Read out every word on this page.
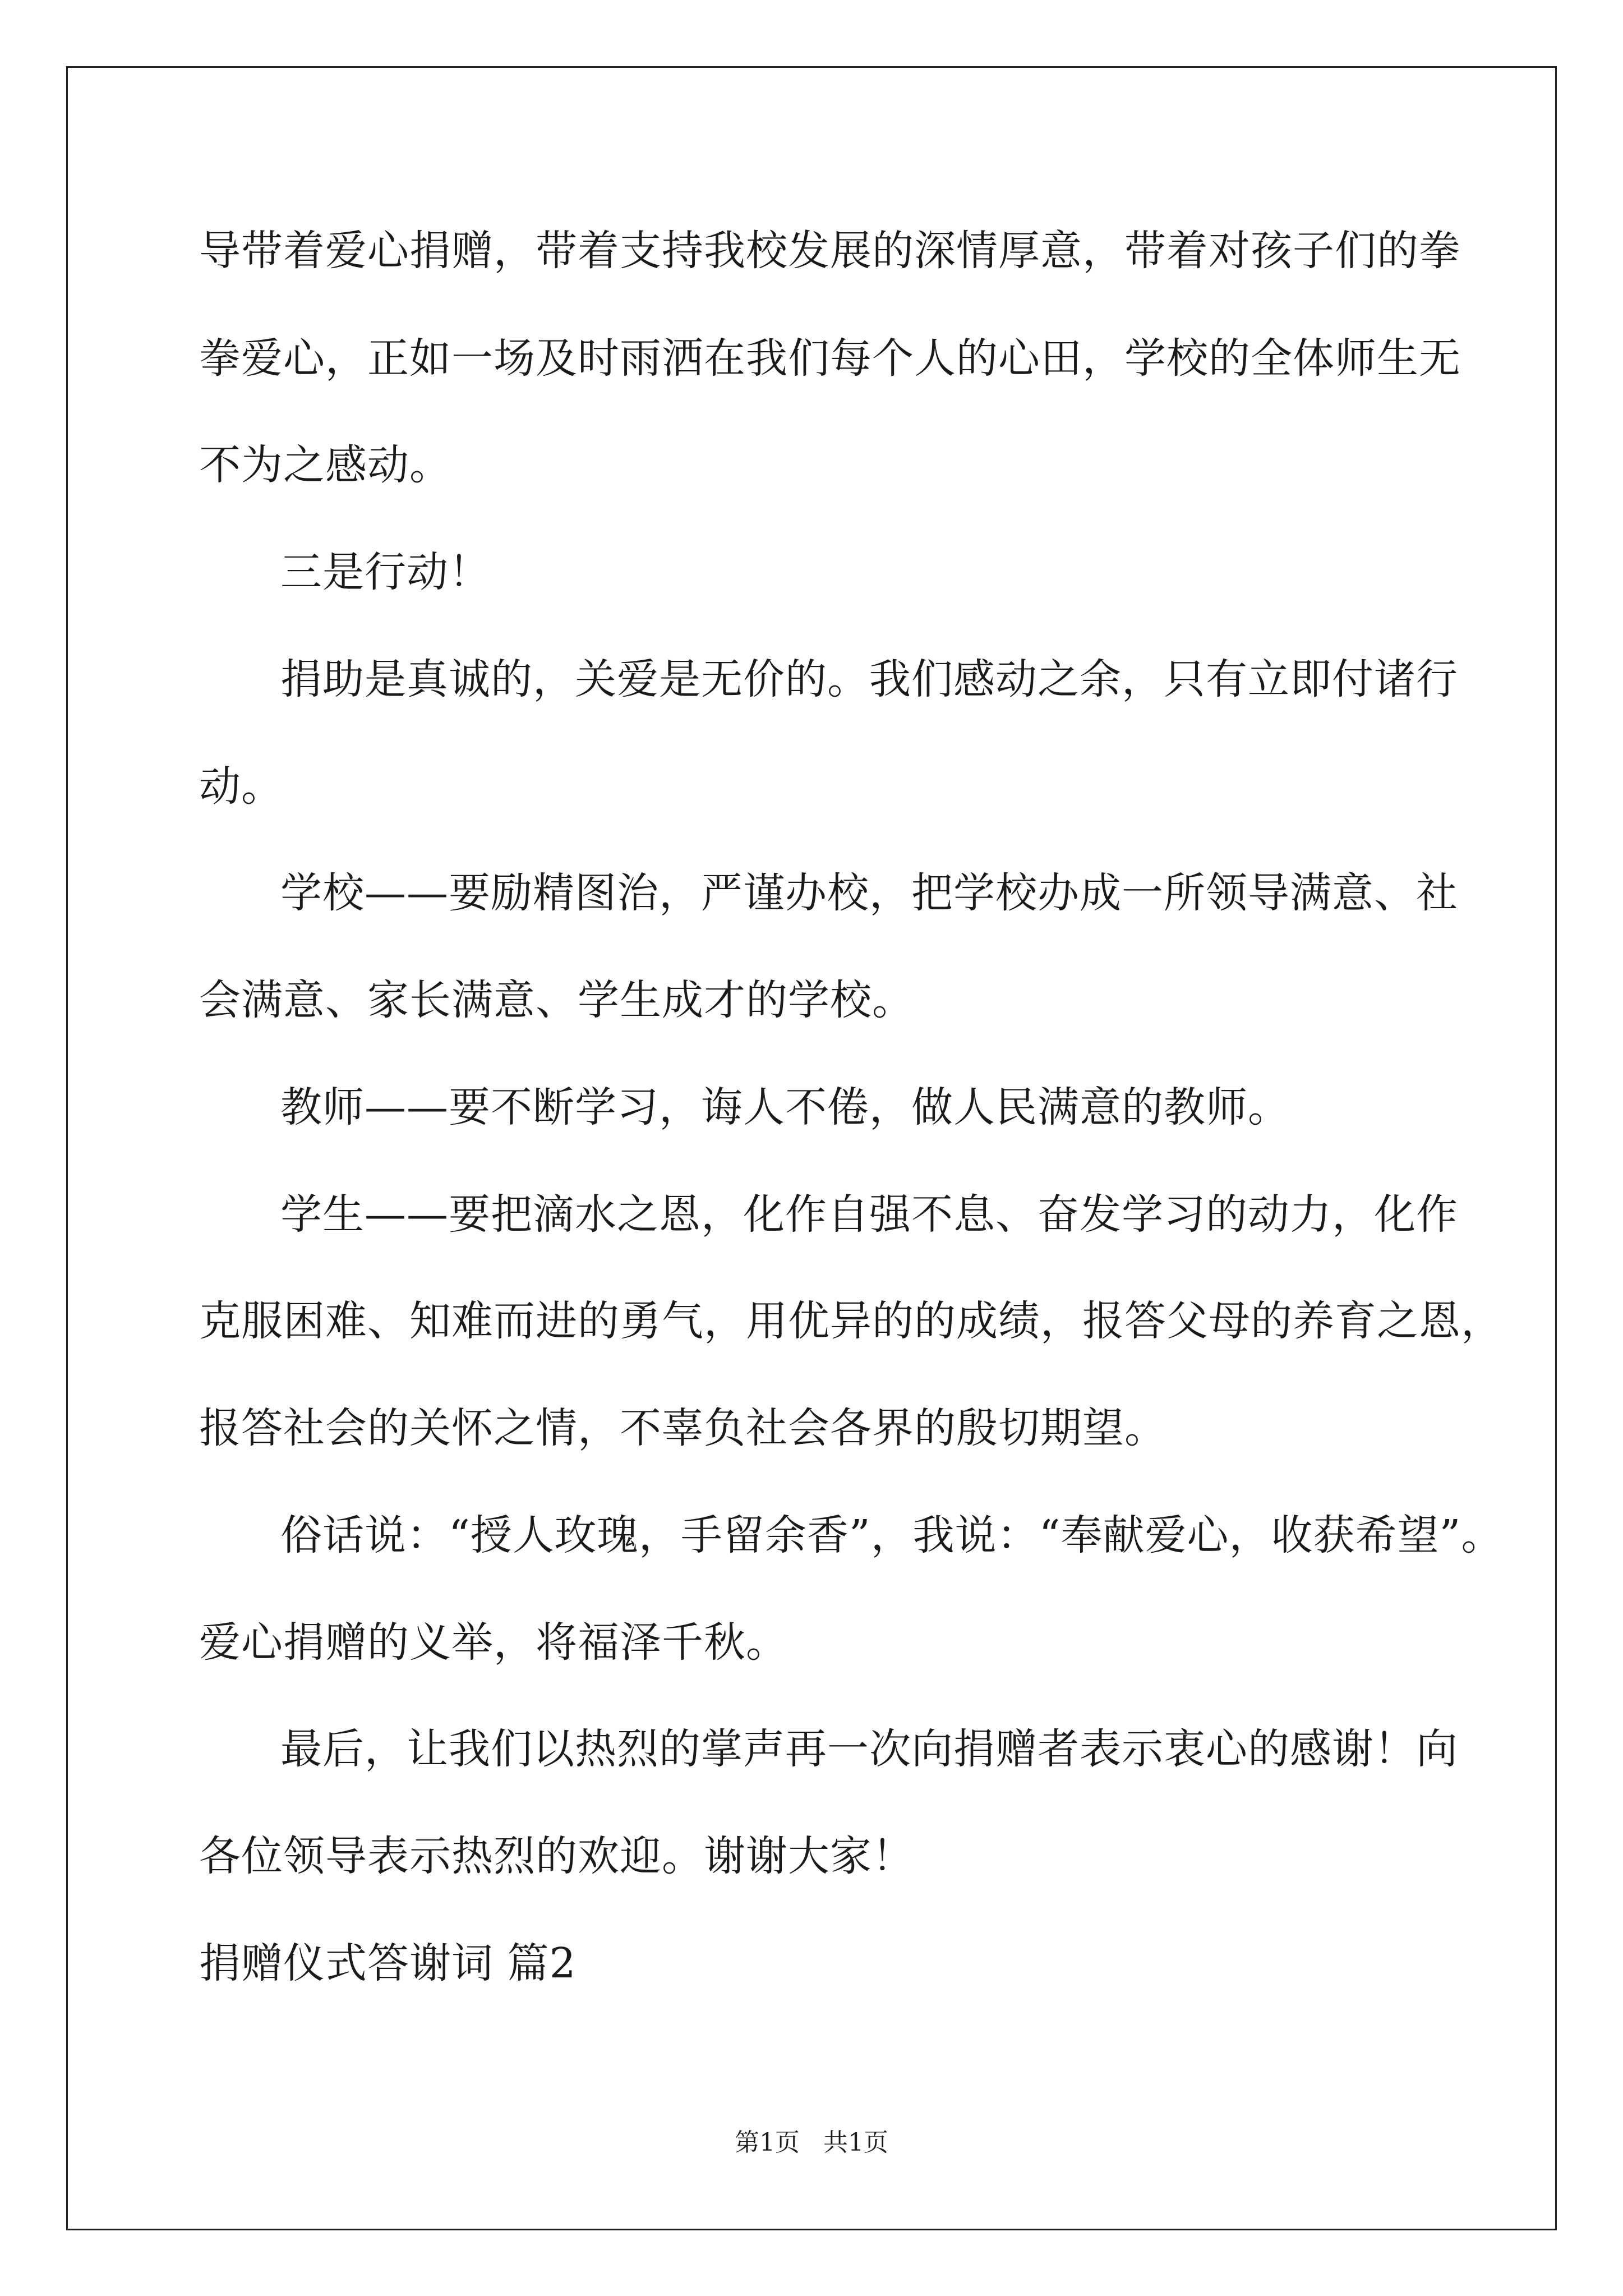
导带着爱心捐赠，带着支持我校发展的深情厚意，带着对孩子们的拳
拳爱心，正如一场及时雨洒在我们每个人的心田，学校的全体师生无
不为之感动。
三是行动！
捐助是真诚的，关爱是无价的。我们感动之余，只有立即付诸行
动。
学校——要励精图治，严谨办校，把学校办成一所领导满意、社
会满意、家长满意、学生成才的学校。
教师——要不断学习，诲人不倦，做人民满意的教师。
学生——要把滴水之恩，化作自强不息、奋发学习的动力，化作
克服困难、知难而进的勇气，用优异的的成绩，报答父母的养育之恩，
报答社会的关怀之情，不辜负社会各界的殷切期望。
俗话说：“授人玫瑰，手留余香”，我说：“奉献爱心，收获希望”。
爱心捐赠的义举，将福泽千秋。
最后，让我们以热烈的掌声再一次向捐赠者表示衷心的感谢！向
各位领导表示热烈的欢迎。谢谢大家！
捐赠仪式答谢词 篇2
第1页   共1页
